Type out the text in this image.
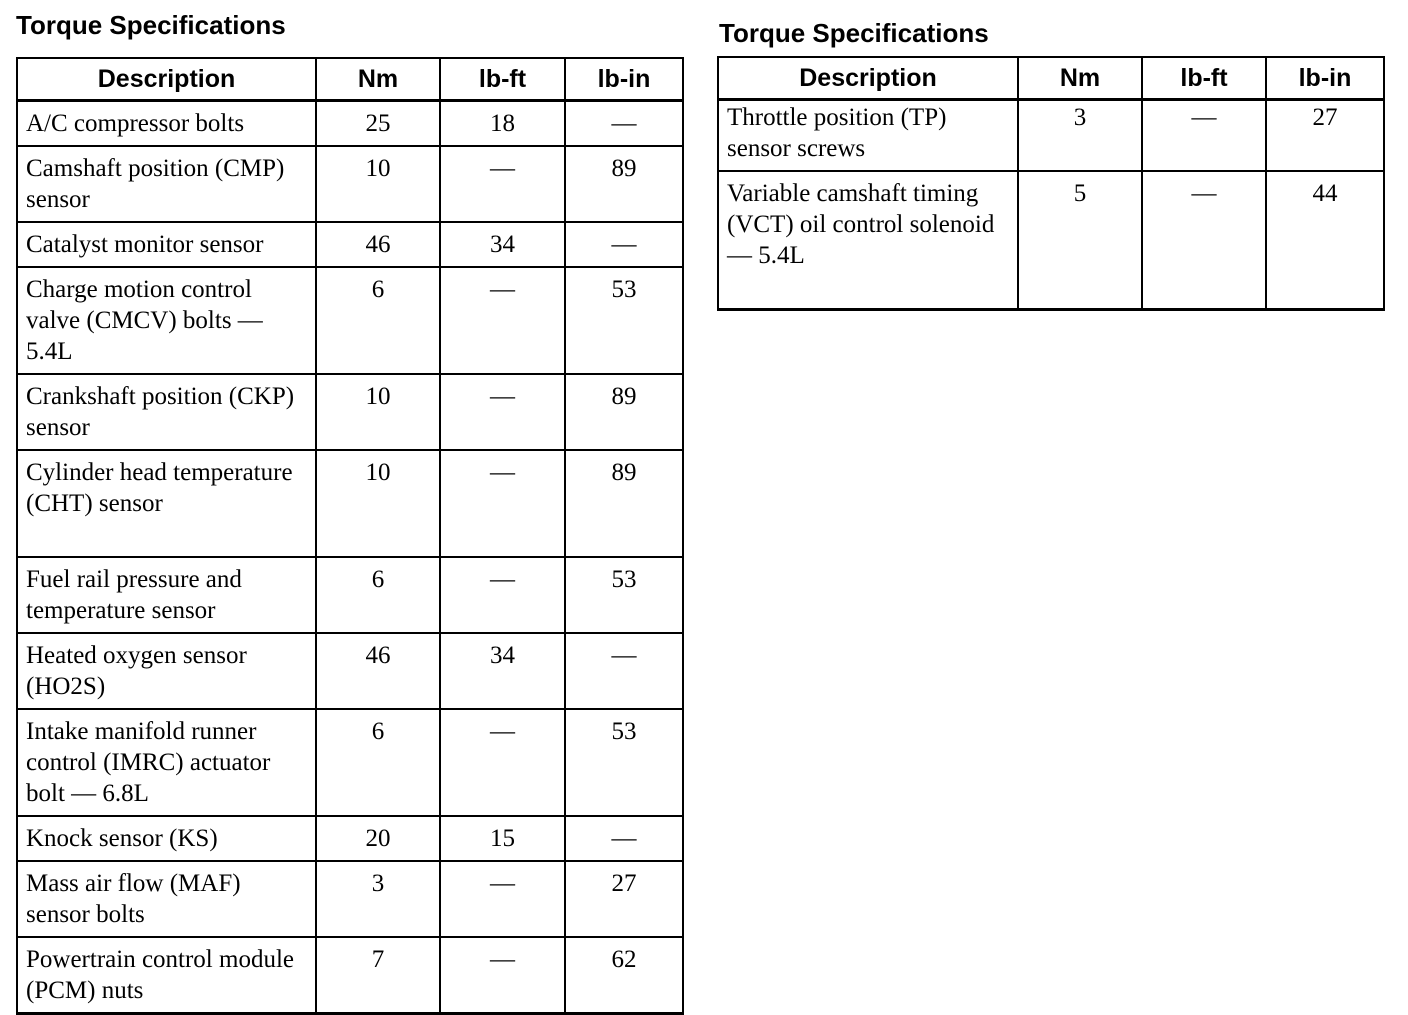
Torque Specifications
Description	Nm	lb-ft	lb-in
A/C compressor bolts	25	18	—
Camshaft position (CMP) sensor	10	—	89
Catalyst monitor sensor	46	34	—
Charge motion control valve (CMCV) bolts — 5.4L	6	—	53
Crankshaft position (CKP) sensor	10	—	89
Cylinder head temperature (CHT) sensor	10	—	89
Fuel rail pressure and temperature sensor	6	—	53
Heated oxygen sensor (HO2S)	46	34	—
Intake manifold runner control (IMRC) actuator bolt — 6.8L	6	—	53
Knock sensor (KS)	20	15	—
Mass air flow (MAF) sensor bolts	3	—	27
Powertrain control module (PCM) nuts	7	—	62
Torque Specifications
Description	Nm	lb-ft	lb-in
Throttle position (TP) sensor screws	3	—	27
Variable camshaft timing (VCT) oil control solenoid — 5.4L	5	—	44
